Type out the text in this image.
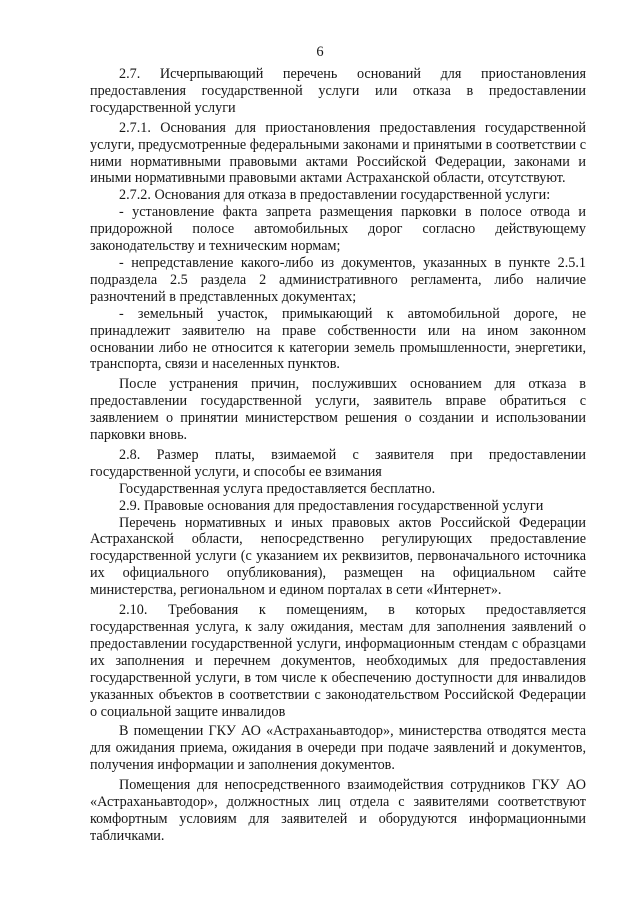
6

2.7. Исчерпывающий перечень оснований для приостановления предоставления государственной услуги или отказа в предоставлении государственной услуги

2.7.1. Основания для приостановления предоставления государственной услуги, предусмотренные федеральными законами и принятыми в соответствии с ними нормативными правовыми актами Российской Федерации, законами и иными нормативными правовыми актами Астраханской области, отсутствуют.

2.7.2. Основания для отказа в предоставлении государственной услуги:

- установление факта запрета размещения парковки в полосе отвода и придорожной полосе автомобильных дорог согласно действующему законодательству и техническим нормам;

- непредставление какого-либо из документов, указанных в пункте 2.5.1 подраздела 2.5 раздела 2 административного регламента, либо наличие разночтений в представленных документах;

- земельный участок, примыкающий к автомобильной дороге, не принадлежит заявителю на праве собственности или на ином законном основании либо не относится к категории земель промышленности, энергетики, транспорта, связи и населенных пунктов.

После устранения причин, послуживших основанием для отказа в предоставлении государственной услуги, заявитель вправе обратиться с заявлением о принятии министерством решения о создании и использовании парковки вновь.

2.8. Размер платы, взимаемой с заявителя при предоставлении государственной услуги, и способы ее взимания

Государственная услуга предоставляется бесплатно.

2.9. Правовые основания для предоставления государственной услуги

Перечень нормативных и иных правовых актов Российской Федерации Астраханской области, непосредственно регулирующих предоставление государственной услуги (с указанием их реквизитов, первоначального источника их официального опубликования), размещен на официальном сайте министерства, региональном и едином порталах в сети «Интернет».

2.10. Требования к помещениям, в которых предоставляется государственная услуга, к залу ожидания, местам для заполнения заявлений о предоставлении государственной услуги, информационным стендам с образцами их заполнения и перечнем документов, необходимых для предоставления государственной услуги, в том числе к обеспечению доступности для инвалидов указанных объектов в соответствии с законодательством Российской Федерации о социальной защите инвалидов

В помещении ГКУ АО «Астраханьавтодор», министерства отводятся места для ожидания приема, ожидания в очереди при подаче заявлений и документов, получения информации и заполнения документов.

Помещения для непосредственного взаимодействия сотрудников ГКУ АО «Астраханьавтодор», должностных лиц отдела с заявителями соответствуют комфортным условиям для заявителей и оборудуются информационными табличками.
